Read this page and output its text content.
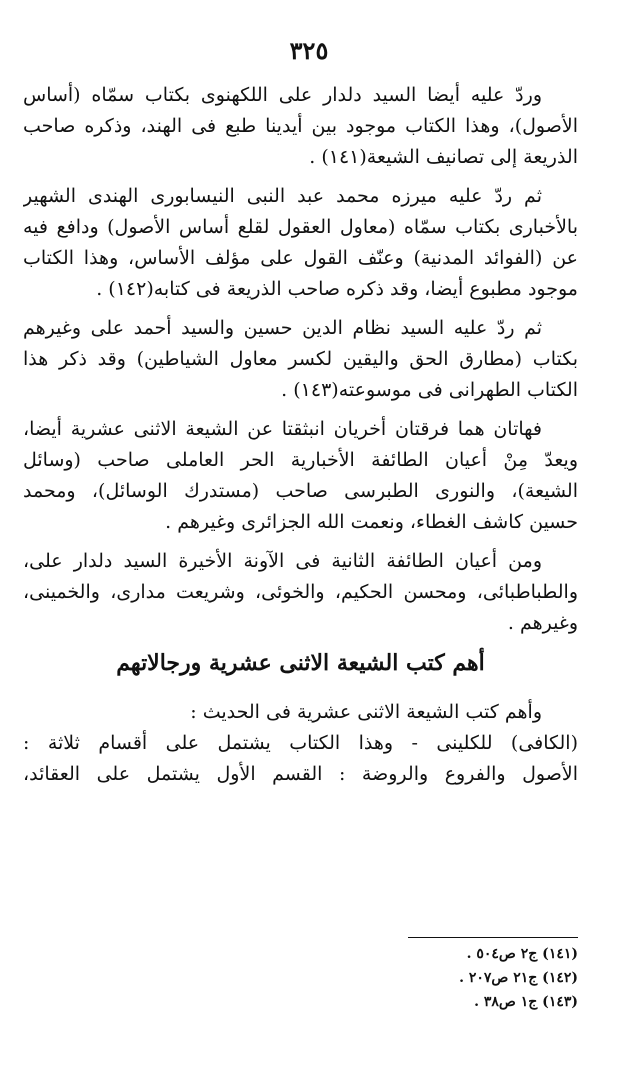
٣٢٥
وردّ عليه أيضا السيد دلدار على اللكهنوى بكتاب سمّاه (أساس
الأصول)، وهذا الكتاب موجود بين أيدينا طبع فى الهند، وذكره صاحب
الذريعة إلى تصانيف الشيعة(١٤١) .
ثم ردّ عليه ميرزه محمد عبد النبى النيسابورى الهندى الشهير
بالأخبارى بكتاب سمّاه (معاول العقول لقلع أساس الأصول) ودافع فيه
عن (الفوائد المدنية) وعنّف القول على مؤلف الأساس، وهذا الكتاب
موجود مطبوع أيضا، وقد ذكره صاحب الذريعة فى كتابه(١٤٢) .
ثم ردّ عليه السيد نظام الدين حسين والسيد أحمد على وغيرهم
بكتاب (مطارق الحق واليقين لكسر معاول الشياطين) وقد ذكر هذا
الكتاب الطهرانى فى موسوعته(١٤٣) .
فهاتان هما فرقتان أخريان انبثقتا عن الشيعة الاثنى عشرية أيضا،
ويعدّ مِنْ أعيان الطائفة الأخبارية الحر العاملى صاحب (وسائل
الشيعة)، والنورى الطبرسى صاحب (مستدرك الوسائل)، ومحمد
حسين كاشف الغطاء، ونعمت الله الجزائرى وغيرهم .
ومن أعيان الطائفة الثانية فى الآونة الأخيرة السيد دلدار على،
والطباطبائى، ومحسن الحكيم، والخوئى، وشريعت مدارى، والخمينى،
وغيرهم .
أهم كتب الشيعة الاثنى عشرية ورجالاتهم
وأهم كتب الشيعة الاثنى عشرية فى الحديث :
(الكافى) للكلينى - وهذا الكتاب يشتمل على أقسام ثلاثة :
الأصول والفروع والروضة : القسم الأول يشتمل على العقائد،
(١٤١) ج٢ ص٥٠٤ .
(١٤٢) ج٢١ ص٢٠٧ .
(١٤٣) ج١ ص٣٨ .
